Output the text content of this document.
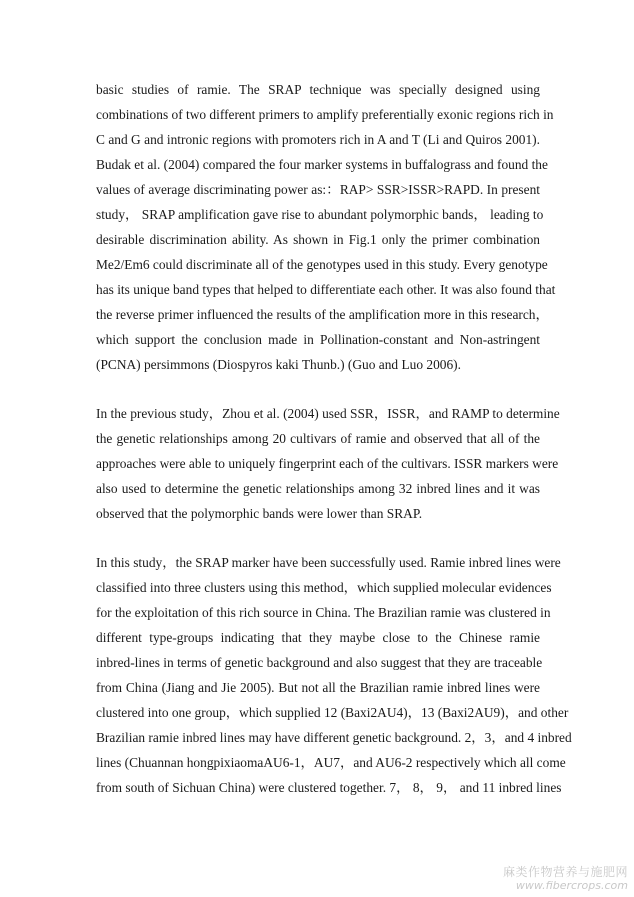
basic studies of ramie. The SRAP technique was specially designed using
combinations of two different primers to amplify preferentially exonic regions rich in
C and G and intronic regions with promoters rich in A and T (Li and Quiros 2001).
Budak et al. (2004) compared the four marker systems in buffalograss and found the
values of average discriminating power as:：RAP> SSR>ISSR>RAPD. In present
study， SRAP amplification gave rise to abundant polymorphic bands， leading to
desirable discrimination ability. As shown in Fig.1 only the primer combination
Me2/Em6 could discriminate all of the genotypes used in this study. Every genotype
has its unique band types that helped to differentiate each other. It was also found that
the reverse primer influenced the results of the amplification more in this research，
which support the conclusion made in Pollination-constant and Non-astringent
(PCNA) persimmons (Diospyros kaki Thunb.) (Guo and Luo 2006).
In the previous study，Zhou et al. (2004) used SSR，ISSR，and RAMP to determine
the genetic relationships among 20 cultivars of ramie and observed that all of the
approaches were able to uniquely fingerprint each of the cultivars. ISSR markers were
also used to determine the genetic relationships among 32 inbred lines and it was
observed that the polymorphic bands were lower than SRAP.
In this study，the SRAP marker have been successfully used. Ramie inbred lines were
classified into three clusters using this method，which supplied molecular evidences
for the exploitation of this rich source in China. The Brazilian ramie was clustered in
different type-groups indicating that they maybe close to the Chinese ramie
inbred-lines in terms of genetic background and also suggest that they are traceable
from China (Jiang and Jie 2005). But not all the Brazilian ramie inbred lines were
clustered into one group，which supplied 12 (Baxi2AU4)，13 (Baxi2AU9)，and other
Brazilian ramie inbred lines may have different genetic background. 2，3，and 4 inbred
lines (Chuannan hongpixiaomaAU6-1，AU7，and AU6-2 respectively which all come
from south of Sichuan China) were clustered together. 7， 8， 9， and 11 inbred lines
麻类作物营养与施肥网
www.fibercrops.com
